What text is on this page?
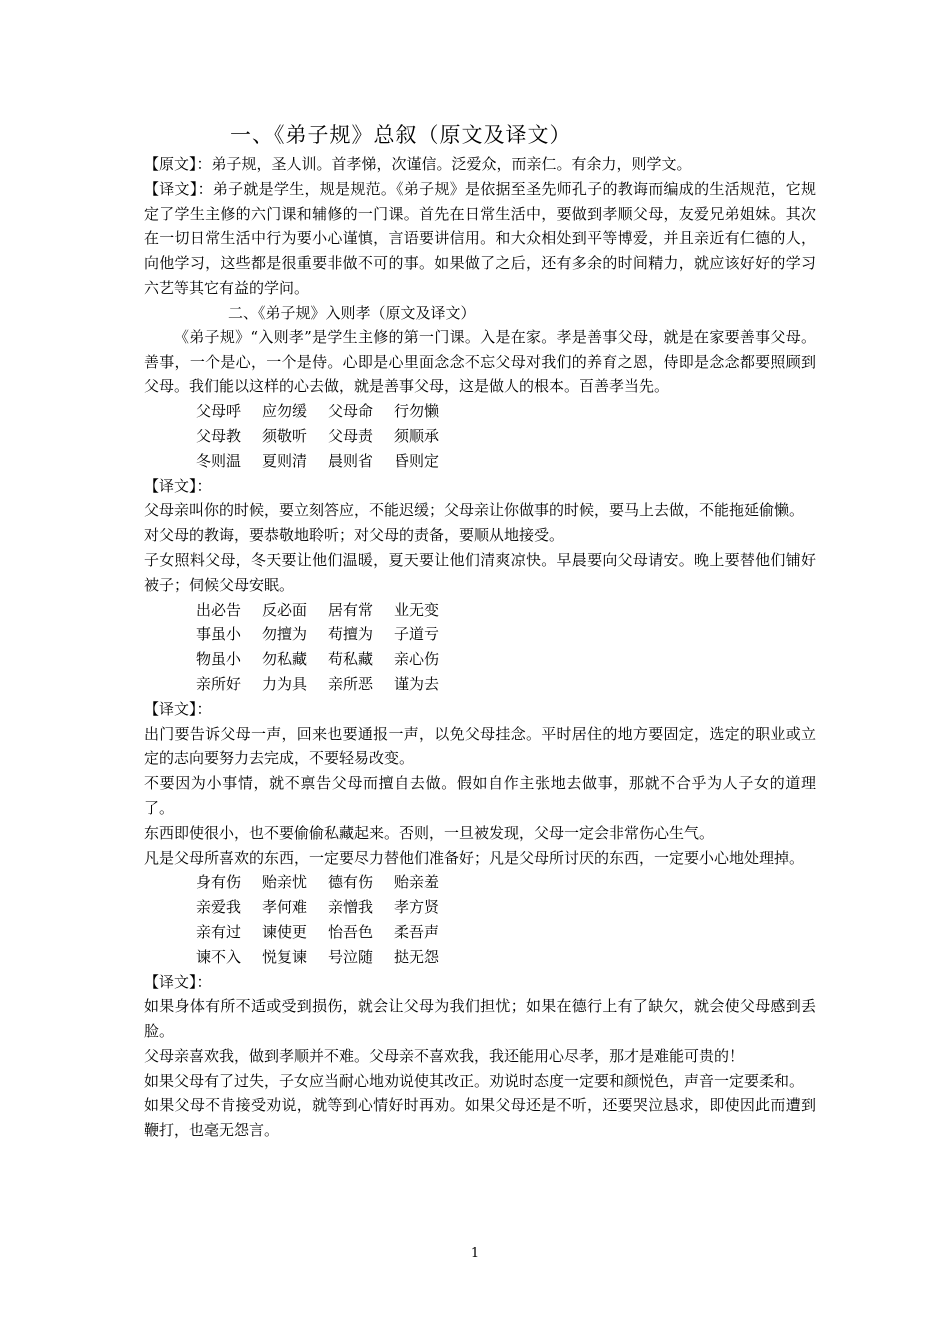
一、《弟子规》总叙（原文及译文）

【原文】：弟子规，圣人训。首孝悌，次谨信。泛爱众，而亲仁。有余力，则学文。

【译文】：弟子就是学生，规是规范。《弟子规》是依据至圣先师孔子的教诲而编成的生活规范，它规定了学生主修的六门课和辅修的一门课。首先在日常生活中，要做到孝顺父母，友爱兄弟姐妹。其次在一切日常生活中行为要小心谨慎，言语要讲信用。和大众相处到平等博爱，并且亲近有仁德的人，向他学习，这些都是很重要非做不可的事。如果做了之后，还有多余的时间精力，就应该好好的学习六艺等其它有益的学问。

二、《弟子规》入则孝（原文及译文）

《弟子规》“入则孝”是学生主修的第一门课。入是在家。孝是善事父母，就是在家要善事父母。善事，一个是心，一个是侍。心即是心里面念念不忘父母对我们的养育之恩，侍即是念念都要照顾到父母。我们能以这样的心去做，就是善事父母，这是做人的根本。百善孝当先。

父母呼 应勿缓 父母命 行勿懒
父母教 须敬听 父母责 须顺承
冬则温 夏则清 晨则省 昏则定
【译文】：

父母亲叫你的时候，要立刻答应，不能迟缓；父母亲让你做事的时候，要马上去做，不能拖延偷懒。

对父母的教诲，要恭敬地聆听；对父母的责备，要顺从地接受。

子女照料父母，冬天要让他们温暖，夏天要让他们清爽凉快。早晨要向父母请安。晚上要替他们铺好被子；伺候父母安眠。

出必告 反必面 居有常 业无变
事虽小 勿擅为 苟擅为 子道亏
物虽小 勿私藏 苟私藏 亲心伤
亲所好 力为具 亲所恶 谨为去
【译文】：

出门要告诉父母一声，回来也要通报一声，以免父母挂念。平时居住的地方要固定，选定的职业或立定的志向要努力去完成，不要轻易改变。

不要因为小事情，就不禀告父母而擅自去做。假如自作主张地去做事，那就不合乎为人子女的道理了。

东西即使很小，也不要偷偷私藏起来。否则，一旦被发现，父母一定会非常伤心生气。

凡是父母所喜欢的东西，一定要尽力替他们准备好；凡是父母所讨厌的东西，一定要小心地处理掉。

身有伤 贻亲忧 德有伤 贻亲羞
亲爱我 孝何难 亲憎我 孝方贤
亲有过 谏使更 怡吾色 柔吾声
谏不入 悦复谏 号泣随 挞无怨
【译文】：

如果身体有所不适或受到损伤，就会让父母为我们担忧；如果在德行上有了缺欠，就会使父母感到丢脸。

父母亲喜欢我，做到孝顺并不难。父母亲不喜欢我，我还能用心尽孝，那才是难能可贵的！

如果父母有了过失，子女应当耐心地劝说使其改正。劝说时态度一定要和颜悦色，声音一定要柔和。

如果父母不肯接受劝说，就等到心情好时再劝。如果父母还是不听，还要哭泣恳求，即使因此而遭到鞭打，也毫无怨言。

1
